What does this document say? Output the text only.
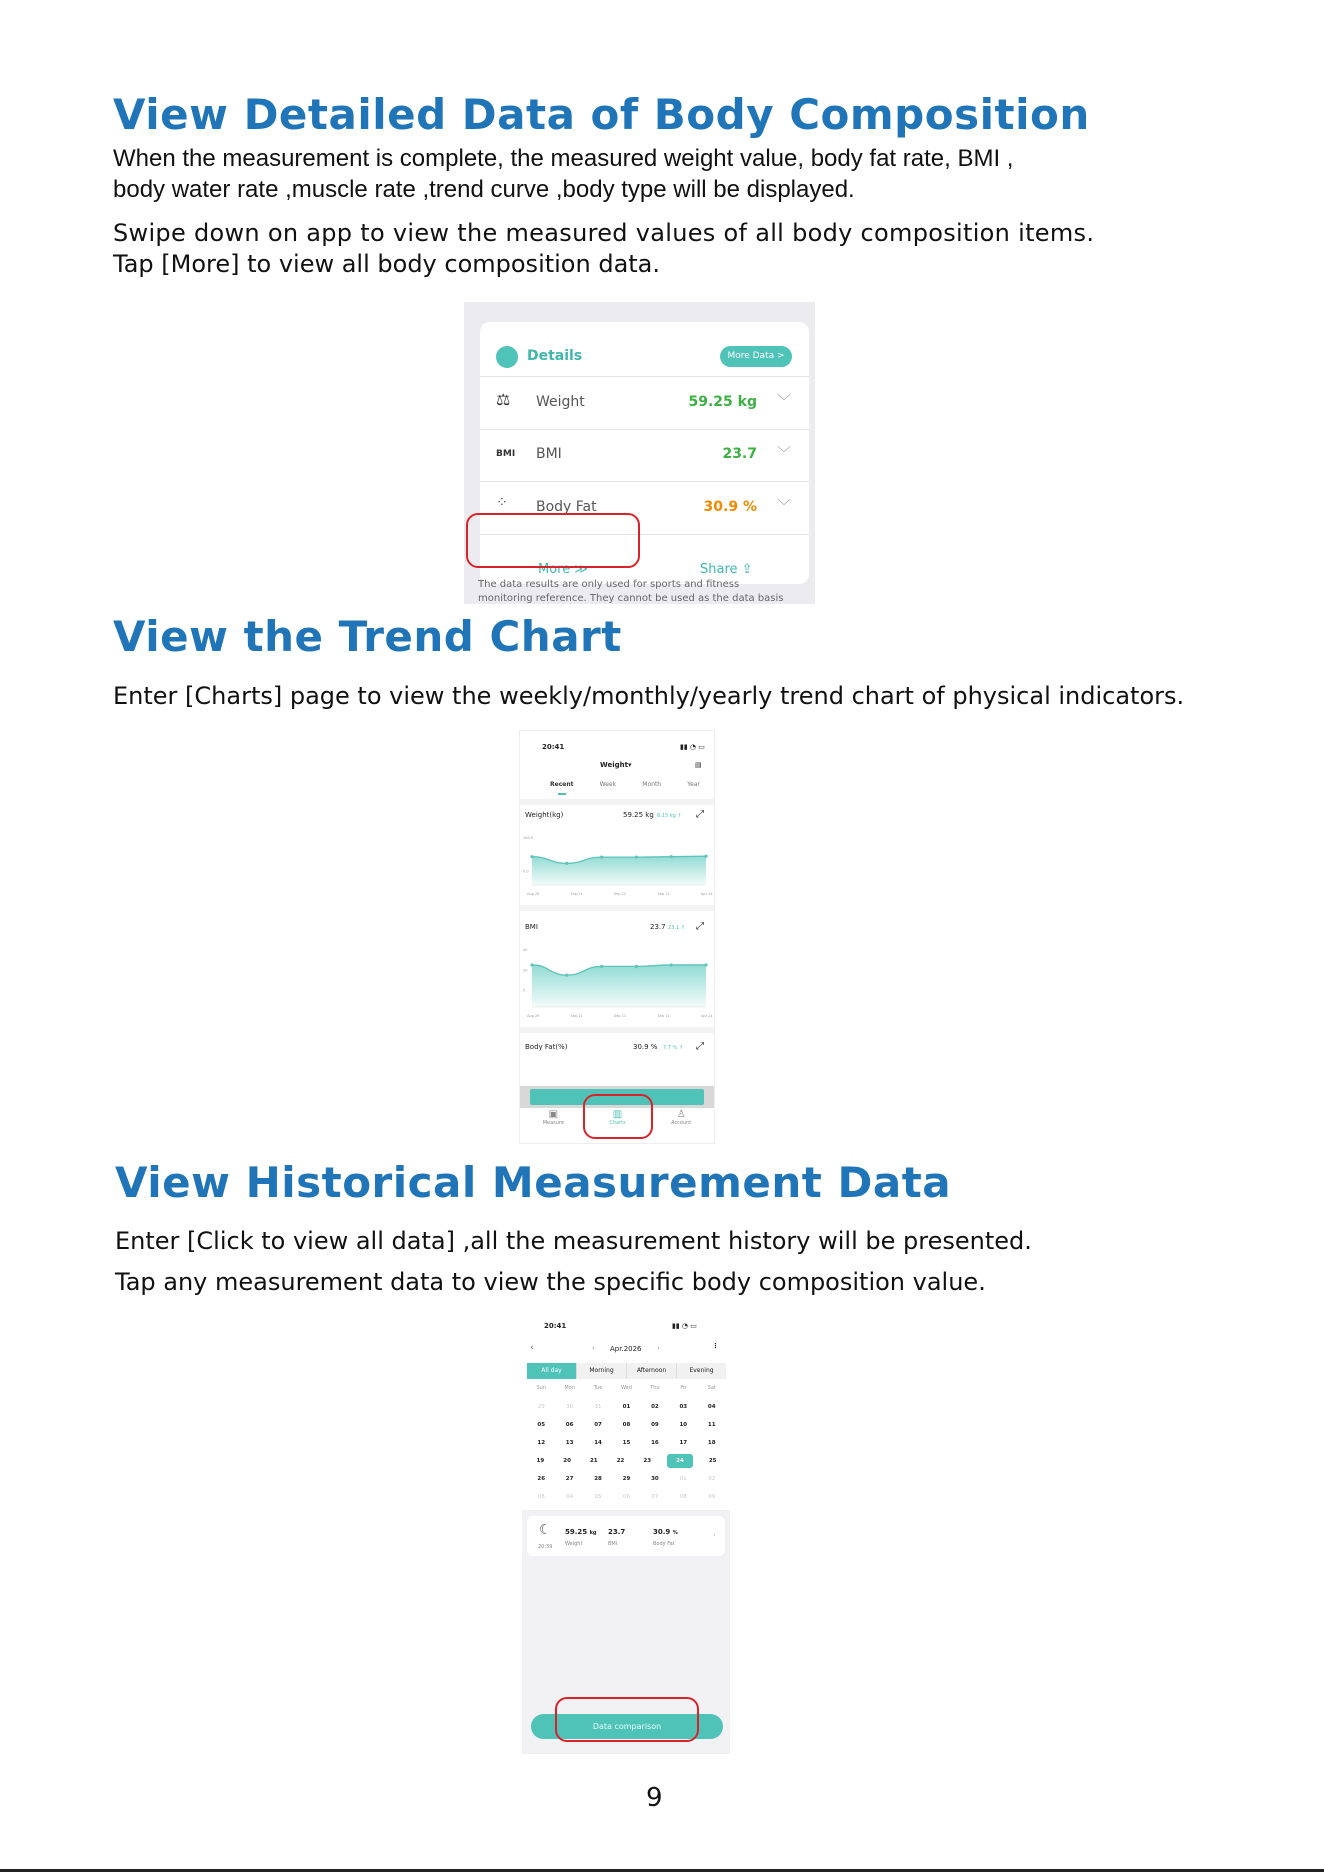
View Detailed Data of Body Composition
When the measurement is complete, the measured weight value, body fat rate, BMI ,
body water rate ,muscle rate ,trend curve ,body type will be displayed.
Swipe down on app to view the measured values of all body composition items.
Tap [More] to view all body composition data.
Details	More Data >
⚖ Weight	59.25 kg ﹀
BMI BMI	23.7 ﹀
⁘ Body Fat	30.9 % ﹀
More ≫	Share ⇪
The data results are only used for sports and fitness
monitoring reference. They cannot be used as the data basis
View the Trend Chart
Enter [Charts] page to view the weekly/monthly/yearly trend chart of physical indicators.
20:41	▮▮ ◔ ▭
Weight▾	▤
Recent	Week	Month	Year
Weight(kg)	59.25 kg 6.15 kg ↑ ⤢
100.0
0.0
Aug 29	Sep 11	Sep 11	Sep 11	Apr 24
BMI	23.7 23.1 ↑ ⤢
40
20
0
Aug 29	Sep 11	Sep 11	Sep 11	Apr 24
Body Fat(%)	30.9 % 7.7 % ↑ ⤢
▣
Measure
▥
Charts
♙
Account
View Historical Measurement Data
Enter [Click to view all data] ,all the measurement history will be presented.
Tap any measurement data to view the specific body composition value.
20:41	▮▮ ◔ ▭
‹	‹ Apr.2026 ›	⋮
All day	Morning	Afternoon	Evening
Sun	Mon	Tue	Wed	Thu	Fri	Sat
29	30	31	01	02	03	04
05	06	07	08	09	10	11
12	13	14	15	16	17	18
19	20	21	22	23	24	25
26	27	28	29	30	01	02
03	04	05	06	07	08	09
☾
20:39
59.25 kg
Weight
23.7
BMI
30.9 %
Body Fat
›
Data comparison
9
